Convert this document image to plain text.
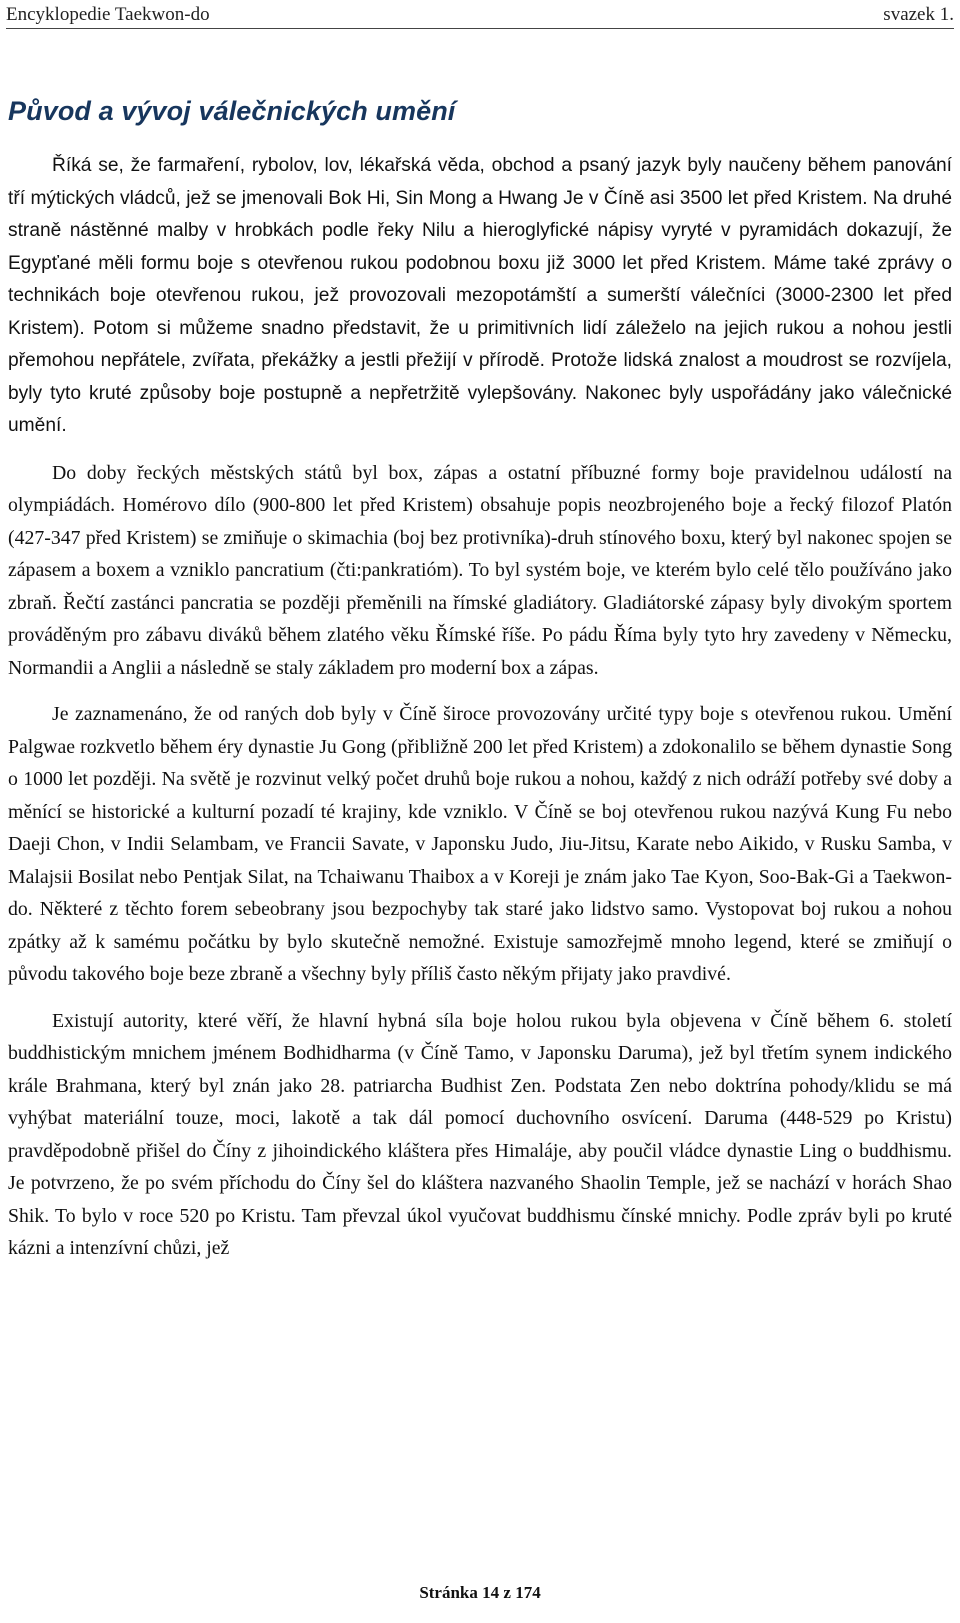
Encyklopedie Taekwon-do	svazek 1.
Původ a vývoj válečnických umění

Říká se, že farmaření, rybolov, lov, lékařská věda, obchod a psaný jazyk byly naučeny během panování tří mýtických vládců, jež se jmenovali Bok Hi, Sin Mong a Hwang Je v Číně asi 3500 let před Kristem. Na druhé straně nástěnné malby v hrobkách podle řeky Nilu a hieroglyfické nápisy vyryté v pyramidách dokazují, že Egypťané měli formu boje s otevřenou rukou podobnou boxu již 3000 let před Kristem. Máme také zprávy o technikách boje otevřenou rukou, jež provozovali mezopotámští a sumerští válečníci (3000-2300 let před Kristem). Potom si můžeme snadno představit, že u primitivních lidí záleželo na jejich rukou a nohou jestli přemohou nepřátele, zvířata, překážky a jestli přežijí v přírodě. Protože lidská znalost a moudrost se rozvíjela, byly tyto kruté způsoby boje postupně a nepřetržitě vylepšovány. Nakonec byly uspořádány jako válečnické umění.

Do doby řeckých městských států byl box, zápas a ostatní příbuzné formy boje pravidelnou událostí na olympiádách. Homérovo dílo (900-800 let před Kristem) obsahuje popis neozbrojeného boje a řecký filozof Platón (427-347 před Kristem) se zmiňuje o skimachia (boj bez protivníka)-druh stínového boxu, který byl nakonec spojen se zápasem a boxem a vzniklo pancratium (čti:pankratióm). To byl systém boje, ve kterém bylo celé tělo používáno jako zbraň. Řečtí zastánci pancratia se později přeměnili na římské gladiátory. Gladiátorské zápasy byly divokým sportem prováděným pro zábavu diváků během zlatého věku Římské říše. Po pádu Říma byly tyto hry zavedeny v Německu, Normandii a Anglii a následně se staly základem pro moderní box a zápas.

Je zaznamenáno, že od raných dob byly v Číně široce provozovány určité typy boje s otevřenou rukou. Umění Palgwae rozkvetlo během éry dynastie Ju Gong (přibližně 200 let před Kristem) a zdokonalilo se během dynastie Song o 1000 let později. Na světě je rozvinut velký počet druhů boje rukou a nohou, každý z nich odráží potřeby své doby a měnící se historické a kulturní pozadí té krajiny, kde vzniklo. V Číně se boj otevřenou rukou nazývá Kung Fu nebo Daeji Chon, v Indii Selambam, ve Francii Savate, v Japonsku Judo, Jiu-Jitsu, Karate nebo Aikido, v Rusku Samba, v Malajsii Bosilat nebo Pentjak Silat, na Tchaiwanu Thaibox a v Koreji je znám jako Tae Kyon, Soo-Bak-Gi a Taekwon-do. Některé z těchto forem sebeobrany jsou bezpochyby tak staré jako lidstvo samo. Vystopovat boj rukou a nohou zpátky až k samému počátku by bylo skutečně nemožné. Existuje samozřejmě mnoho legend, které se zmiňují o původu takového boje beze zbraně a všechny byly příliš často někým přijaty jako pravdivé.

Existují autority, které věří, že hlavní hybná síla boje holou rukou byla objevena v Číně během 6. století buddhistickým mnichem jménem Bodhidharma (v Číně Tamo, v Japonsku Daruma), jež byl třetím synem indického krále Brahmana, který byl znán jako 28. patriarcha Budhist Zen. Podstata Zen nebo doktrína pohody/klidu se má vyhýbat materiální touze, moci, lakotě a tak dál pomocí duchovního osvícení. Daruma (448-529 po Kristu) pravděpodobně přišel do Číny z jihoindického kláštera přes Himaláje, aby poučil vládce dynastie Ling o buddhismu. Je potvrzeno, že po svém příchodu do Číny šel do kláštera nazvaného Shaolin Temple, jež se nachází v horách Shao Shik. To bylo v roce 520 po Kristu. Tam převzal úkol vyučovat buddhismu čínské mnichy. Podle zpráv byli po kruté kázni a intenzívní chůzi, jež

Stránka 14 z 174
